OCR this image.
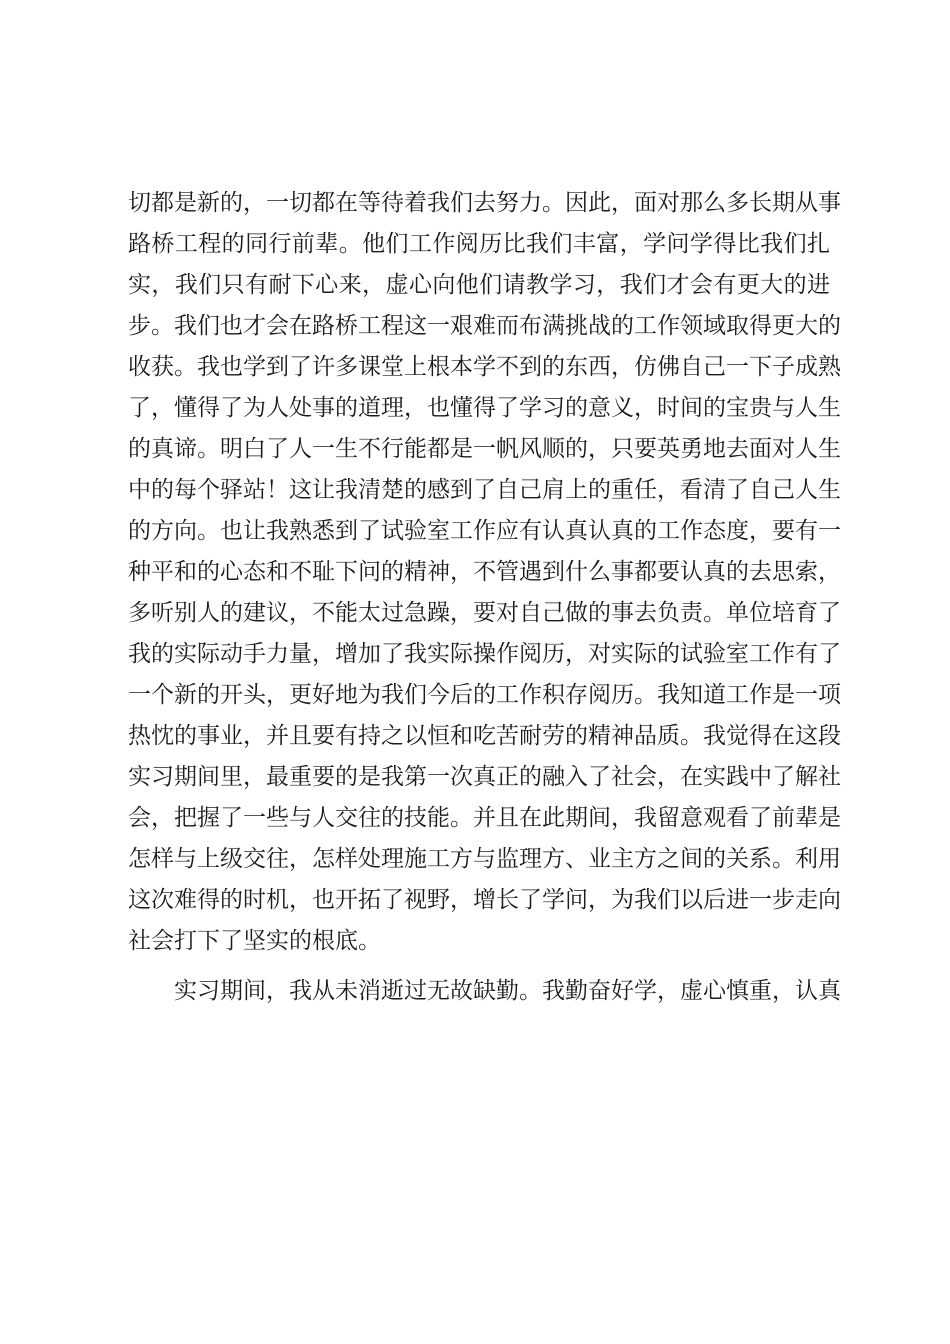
切都是新的，一切都在等待着我们去努力。因此，面对那么多长期从事
路桥工程的同行前辈。他们工作阅历比我们丰富，学问学得比我们扎
实，我们只有耐下心来，虚心向他们请教学习，我们才会有更大的进
步。我们也才会在路桥工程这一艰难而布满挑战的工作领域取得更大的
收获。我也学到了许多课堂上根本学不到的东西，仿佛自己一下子成熟
了，懂得了为人处事的道理，也懂得了学习的意义，时间的宝贵与人生
的真谛。明白了人一生不行能都是一帆风顺的，只要英勇地去面对人生
中的每个驿站！这让我清楚的感到了自己肩上的重任，看清了自己人生
的方向。也让我熟悉到了试验室工作应有认真认真的工作态度，要有一
种平和的心态和不耻下问的精神，不管遇到什么事都要认真的去思索，
多听别人的建议，不能太过急躁，要对自己做的事去负责。单位培育了
我的实际动手力量，增加了我实际操作阅历，对实际的试验室工作有了
一个新的开头，更好地为我们今后的工作积存阅历。我知道工作是一项
热忱的事业，并且要有持之以恒和吃苦耐劳的精神品质。我觉得在这段
实习期间里，最重要的是我第一次真正的融入了社会，在实践中了解社
会，把握了一些与人交往的技能。并且在此期间，我留意观看了前辈是
怎样与上级交往，怎样处理施工方与监理方、业主方之间的关系。利用
这次难得的时机，也开拓了视野，增长了学问，为我们以后进一步走向
社会打下了坚实的根底。
实习期间，我从未消逝过无故缺勤。我勤奋好学，虚心慎重，认真
